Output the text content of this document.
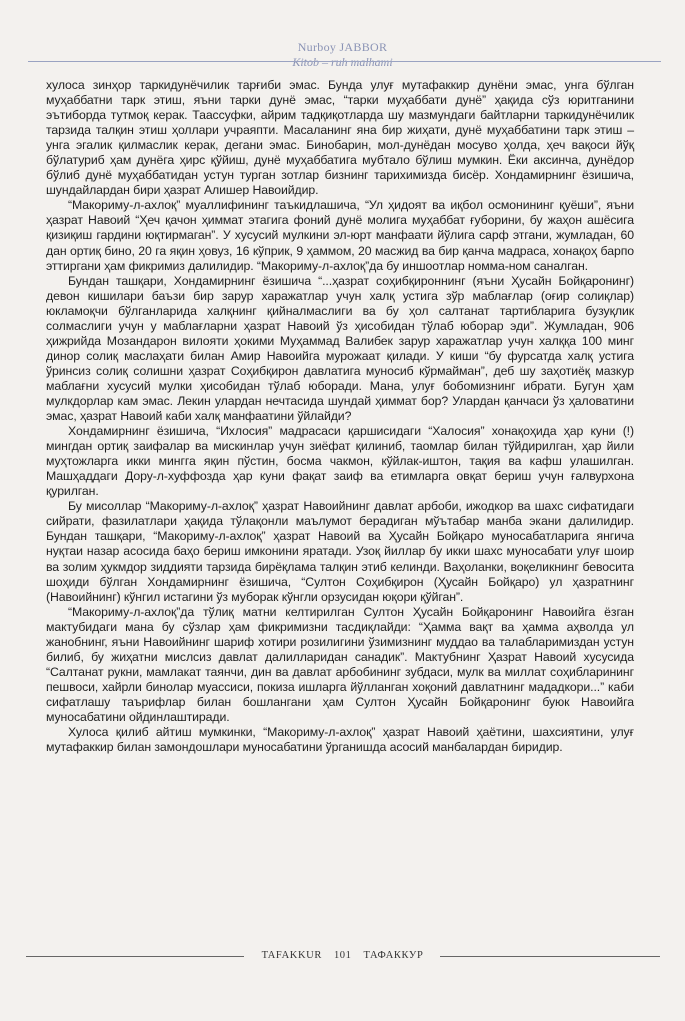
Nurboy JABBOR
Kitob – ruh malhami

хулоса зинҳор таркидунёчилик тарғиби эмас. Бунда улуғ мутафаккир дунёни эмас, унга бўлган муҳаббатни тарк этиш, яъни тарки дунё эмас, “тарки муҳаббати дунё” ҳақида сўз юритганини эътиборда тутмоқ керак. Таассуфки, айрим тадқиқотларда шу мазмундаги байтларни таркидунёчилик тарзида талқин этиш ҳоллари учраяпти. Масаланинг яна бир жиҳати, дунё муҳаббатини тарк этиш – унга эгалик қилмаслик керак, дегани эмас. Бинобарин, мол-дунёдан мосуво ҳолда, ҳеч вақоси йўқ бўлатуриб ҳам дунёга ҳирс қўйиш, дунё муҳаббатига мубтало бўлиш мумкин. Ёки аксинча, дунёдор бўлиб дунё муҳаббатидан устун турган зотлар бизнинг тарихимизда бисёр. Хондамирнинг ёзишича, шундайлардан бири ҳазрат Алишер Навоийдир.

“Макориму-л-ахлоқ” муаллифининг таъкидлашича, “Ул ҳидоят ва иқбол осмонининг қуёши”, яъни ҳазрат Навоий “Ҳеч қачон ҳиммат этагига фоний дунё молига муҳаббат ғуборини, бу жаҳон ашёсига қизиқиш гардини юқтирмаган”. У хусусий мулкини эл-юрт манфаати йўлига сарф этгани, жумладан, 60 дан ортиқ бино, 20 га яқин ҳовуз, 16 кўприк, 9 ҳаммом, 20 масжид ва бир қанча мадраса, хонақоҳ барпо эттиргани ҳам фикримиз далилидир. “Макориму-л-ахлоқ”да бу иншоотлар номма-ном саналган.

Бундан ташқари, Хондамирнинг ёзишича “...ҳазрат соҳибқироннинг (яъни Ҳусайн Бойқаронинг) девон кишилари баъзи бир зарур харажатлар учун халқ устига зўр маблағлар (оғир солиқлар) юкламоқчи бўлганларида халқнинг қийналмаслиги ва бу ҳол салтанат тартибларига бузуқлик солмаслиги учун у маблағларни ҳазрат Навоий ўз ҳисобидан тўлаб юборар эди”. Жумладан, 906 ҳижрийда Мозандарон вилояти ҳокими Муҳаммад Валибек зарур харажатлар учун халққа 100 минг динор солиқ маслаҳати билан Амир Навоийга мурожаат қилади. У киши “бу фурсатда халқ устига ўринсиз солиқ солишни ҳазрат Соҳибқирон давлатига муносиб кўрмайман”, деб шу заҳотиёқ мазкур маблағни хусусий мулки ҳисобидан тўлаб юборади. Мана, улуғ бобомизнинг ибрати. Бугун ҳам мулкдорлар кам эмас. Лекин улардан нечтасида шундай ҳиммат бор? Улардан қанчаси ўз ҳаловатини эмас, ҳазрат Навоий каби халқ манфаатини ўйлайди?

Хондамирнинг ёзишича, “Ихлосия” мадрасаси қаршисидаги “Халосия” хонақоҳида ҳар куни (!) мингдан ортиқ заифалар ва мискинлар учун зиёфат қилиниб, таомлар билан тўйдирилган, ҳар йили муҳтожларга икки мингга яқин пўстин, босма чакмон, кўйлак-иштон, тақия ва кафш улашилган. Машҳаддаги Дору-л-хуффозда ҳар куни фақат заиф ва етимларга овқат бериш учун ғалвурхона қурилган.

Бу мисоллар “Макориму-л-ахлоқ” ҳазрат Навоийнинг давлат арбоби, ижодкор ва шахс сифатидаги сийрати, фазилатлари ҳақида тўлақонли маълумот берадиган мўътабар манба экани далилидир. Бундан ташқари, “Макориму-л-ахлоқ” ҳазрат Навоий ва Ҳусайн Бойқаро муносабатларига янгича нуқтаи назар асосида баҳо бериш имконини яратади. Узоқ йиллар бу икки шахс муносабати улуғ шоир ва золим ҳукмдор зиддияти тарзида бирёқлама талқин этиб келинди. Ваҳоланки, воқеликнинг бевосита шоҳиди бўлган Хондамирнинг ёзишича, “Султон Соҳибқирон (Ҳусайн Бойқаро) ул ҳазратнинг (Навоийнинг) кўнгил истагини ўз муборак кўнгли орзусидан юқори қўйган”.

“Макориму-л-ахлоқ”да тўлиқ матни келтирилган Султон Ҳусайн Бойқаронинг Навоийга ёзган мактубидаги мана бу сўзлар ҳам фикримизни тасдиқлайди: “Ҳамма вақт ва ҳамма аҳволда ул жанобнинг, яъни Навоийнинг шариф хотири розилигини ўзимизнинг муддао ва талабларимиздан устун билиб, бу жиҳатни мислсиз давлат далилларидан санадик”. Мактубнинг Ҳазрат Навоий хусусида “Салтанат рукни, мамлакат таянчи, дин ва давлат арбобининг зубдаси, мулк ва миллат соҳибларининг пешвоси, хайрли бинолар муассиси, покиза ишларга йўлланган хоқоний давлатнинг мададкори...” каби сифатлашу таърифлар билан бошлангани ҳам Султон Ҳусайн Бойқаронинг буюк Навоийга муносабатини ойдинлаштиради.

Хулоса қилиб айтиш мумкинки, “Макориму-л-ахлоқ” ҳазрат Навоий ҳаётини, шахсиятини, улуғ мутафаккир билан замондошлари муносабатини ўрганишда асосий манбалардан биридир.

TAFAKKUR 101 ТАФАККУР
